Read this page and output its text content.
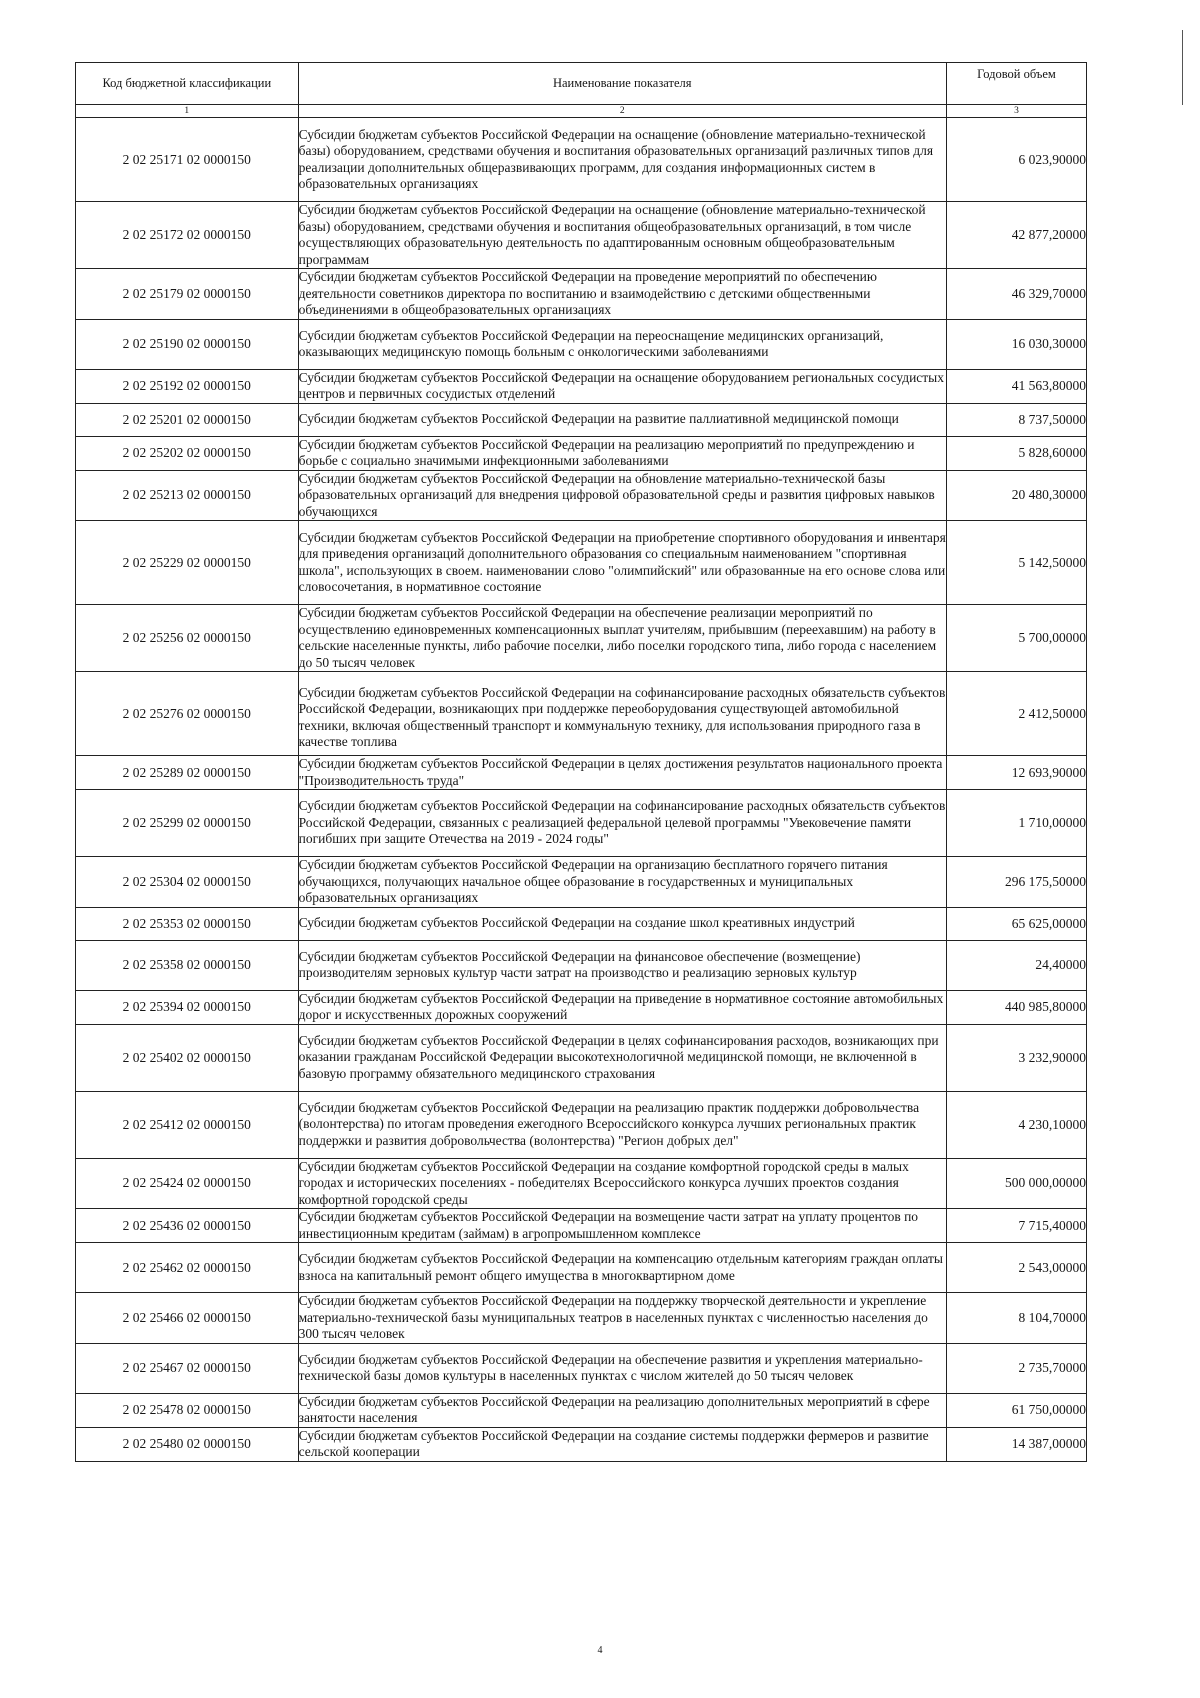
Код бюджетной классификации	Наименование показателя	Годовой объем
1	2	3
2 02 25171 02 0000150	Субсидии бюджетам субъектов Российской Федерации на оснащение (обновление материально-технической базы) оборудованием, средствами обучения и воспитания образовательных организаций различных типов для реализации дополнительных общеразвивающих программ, для создания информационных систем в образовательных организациях	6 023,90000
2 02 25172 02 0000150	Субсидии бюджетам субъектов Российской Федерации на оснащение (обновление материально-технической базы) оборудованием, средствами обучения и воспитания общеобразовательных организаций, в том числе осуществляющих образовательную деятельность по адаптированным основным общеобразовательным программам	42 877,20000
2 02 25179 02 0000150	Субсидии бюджетам субъектов Российской Федерации на проведение мероприятий по обеспечению деятельности советников директора по воспитанию и взаимодействию с детскими общественными объединениями в общеобразовательных организациях	46 329,70000
2 02 25190 02 0000150	Субсидии бюджетам субъектов Российской Федерации на переоснащение медицинских организаций, оказывающих медицинскую помощь больным с онкологическими заболеваниями	16 030,30000
2 02 25192 02 0000150	Субсидии бюджетам субъектов Российской Федерации на оснащение оборудованием региональных сосудистых центров и первичных сосудистых отделений	41 563,80000
2 02 25201 02 0000150	Субсидии бюджетам субъектов Российской Федерации на развитие паллиативной медицинской помощи	8 737,50000
2 02 25202 02 0000150	Субсидии бюджетам субъектов Российской Федерации на реализацию мероприятий по предупреждению и борьбе с социально значимыми инфекционными заболеваниями	5 828,60000
2 02 25213 02 0000150	Субсидии бюджетам субъектов Российской Федерации на обновление материально-технической базы образовательных организаций для внедрения цифровой образовательной среды и развития цифровых навыков обучающихся	20 480,30000
2 02 25229 02 0000150	Субсидии бюджетам субъектов Российской Федерации на приобретение спортивного оборудования и инвентаря для приведения организаций дополнительного образования со специальным наименованием "спортивная школа", использующих в своем. наименовании слово "олимпийский" или образованные на его основе слова или словосочетания, в нормативное состояние	5 142,50000
2 02 25256 02 0000150	Субсидии бюджетам субъектов Российской Федерации на обеспечение реализации мероприятий по осуществлению единовременных компенсационных выплат учителям, прибывшим (переехавшим) на работу в сельские населенные пункты, либо рабочие поселки, либо поселки городского типа, либо города с населением до 50 тысяч человек	5 700,00000
2 02 25276 02 0000150	Субсидии бюджетам субъектов Российской Федерации на софинансирование расходных обязательств субъектов Российской Федерации, возникающих при поддержке переоборудования существующей автомобильной техники, включая общественный транспорт и коммунальную технику, для использования природного газа в качестве топлива	2 412,50000
2 02 25289 02 0000150	Субсидии бюджетам субъектов Российской Федерации в целях достижения результатов национального проекта "Производительность труда"	12 693,90000
2 02 25299 02 0000150	Субсидии бюджетам субъектов Российской Федерации на софинансирование расходных обязательств субъектов Российской Федерации, связанных с реализацией федеральной целевой программы "Увековечение памяти погибших при защите Отечества на 2019 - 2024 годы"	1 710,00000
2 02 25304 02 0000150	Субсидии бюджетам субъектов Российской Федерации на организацию бесплатного горячего питания обучающихся, получающих начальное общее образование в государственных и муниципальных образовательных организациях	296 175,50000
2 02 25353 02 0000150	Субсидии бюджетам субъектов Российской Федерации на создание школ креативных индустрий	65 625,00000
2 02 25358 02 0000150	Субсидии бюджетам субъектов Российской Федерации на финансовое обеспечение (возмещение) производителям зерновых культур части затрат на производство и реализацию зерновых культур	24,40000
2 02 25394 02 0000150	Субсидии бюджетам субъектов Российской Федерации на приведение в нормативное состояние автомобильных дорог и искусственных дорожных сооружений	440 985,80000
2 02 25402 02 0000150	Субсидии бюджетам субъектов Российской Федерации в целях софинансирования расходов, возникающих при оказании гражданам Российской Федерации высокотехнологичной медицинской помощи, не включенной в базовую программу обязательного медицинского страхования	3 232,90000
2 02 25412 02 0000150	Субсидии бюджетам субъектов Российской Федерации на реализацию практик поддержки добровольчества (волонтерства) по итогам проведения ежегодного Всероссийского конкурса лучших региональных практик поддержки и развития добровольчества (волонтерства) "Регион добрых дел"	4 230,10000
2 02 25424 02 0000150	Субсидии бюджетам субъектов Российской Федерации на создание комфортной городской среды в малых городах и исторических поселениях - победителях Всероссийского конкурса лучших проектов создания комфортной городской среды	500 000,00000
2 02 25436 02 0000150	Субсидии бюджетам субъектов Российской Федерации на возмещение части затрат на уплату процентов по инвестиционным кредитам (займам) в агропромышленном комплексе	7 715,40000
2 02 25462 02 0000150	Субсидии бюджетам субъектов Российской Федерации на компенсацию отдельным категориям граждан оплаты взноса на капитальный ремонт общего имущества в многоквартирном доме	2 543,00000
2 02 25466 02 0000150	Субсидии бюджетам субъектов Российской Федерации на поддержку творческой деятельности и укрепление материально-технической базы муниципальных театров в населенных пунктах с численностью населения до 300 тысяч человек	8 104,70000
2 02 25467 02 0000150	Субсидии бюджетам субъектов Российской Федерации на обеспечение развития и укрепления материально-технической базы домов культуры в населенных пунктах с числом жителей до 50 тысяч человек	2 735,70000
2 02 25478 02 0000150	Субсидии бюджетам субъектов Российской Федерации на реализацию дополнительных мероприятий в сфере занятости населения	61 750,00000
2 02 25480 02 0000150	Субсидии бюджетам субъектов Российской Федерации на создание системы поддержки фермеров и развитие сельской кооперации	14 387,00000
4
